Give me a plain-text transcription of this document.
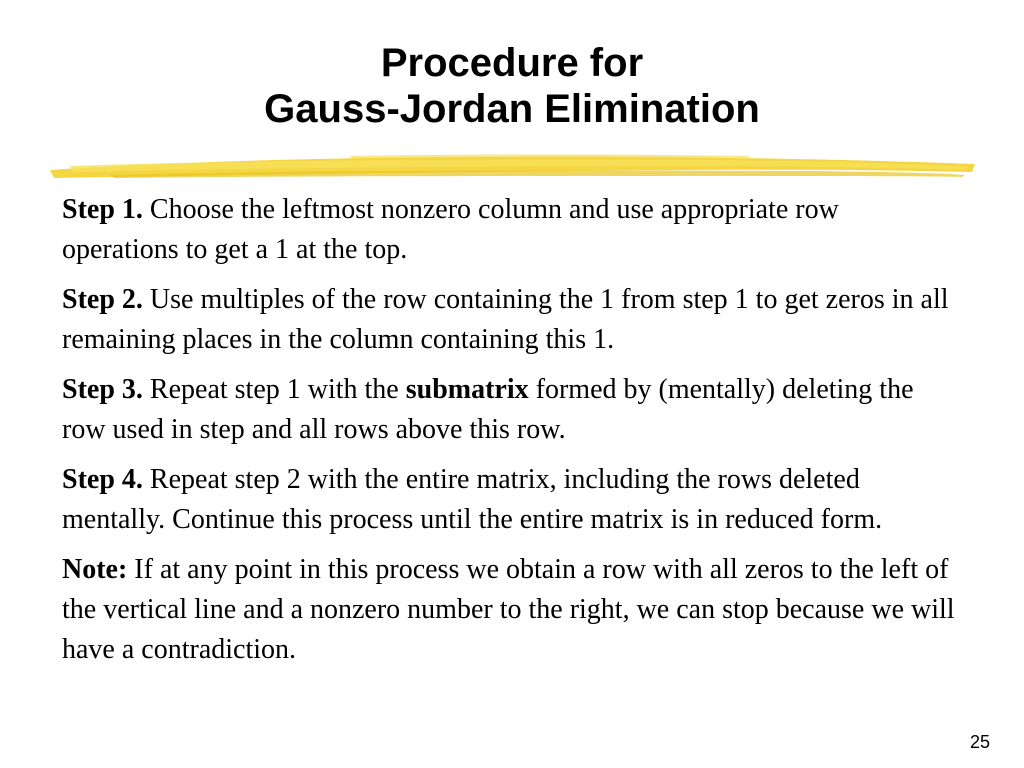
Procedure for
Gauss-Jordan Elimination

Step 1. Choose the leftmost nonzero column and use appropriate row operations to get a 1 at the top.

Step 2. Use multiples of the row containing the 1 from step 1 to get zeros in all remaining places in the column containing this 1.

Step 3. Repeat step 1 with the submatrix formed by (mentally) deleting the row used in step and all rows above this row.

Step 4. Repeat step 2 with the entire matrix, including the rows deleted mentally. Continue this process until the entire matrix is in reduced form.

Note: If at any point in this process we obtain a row with all zeros to the left of the vertical line and a nonzero number to the right, we can stop because we will have a contradiction.

25
